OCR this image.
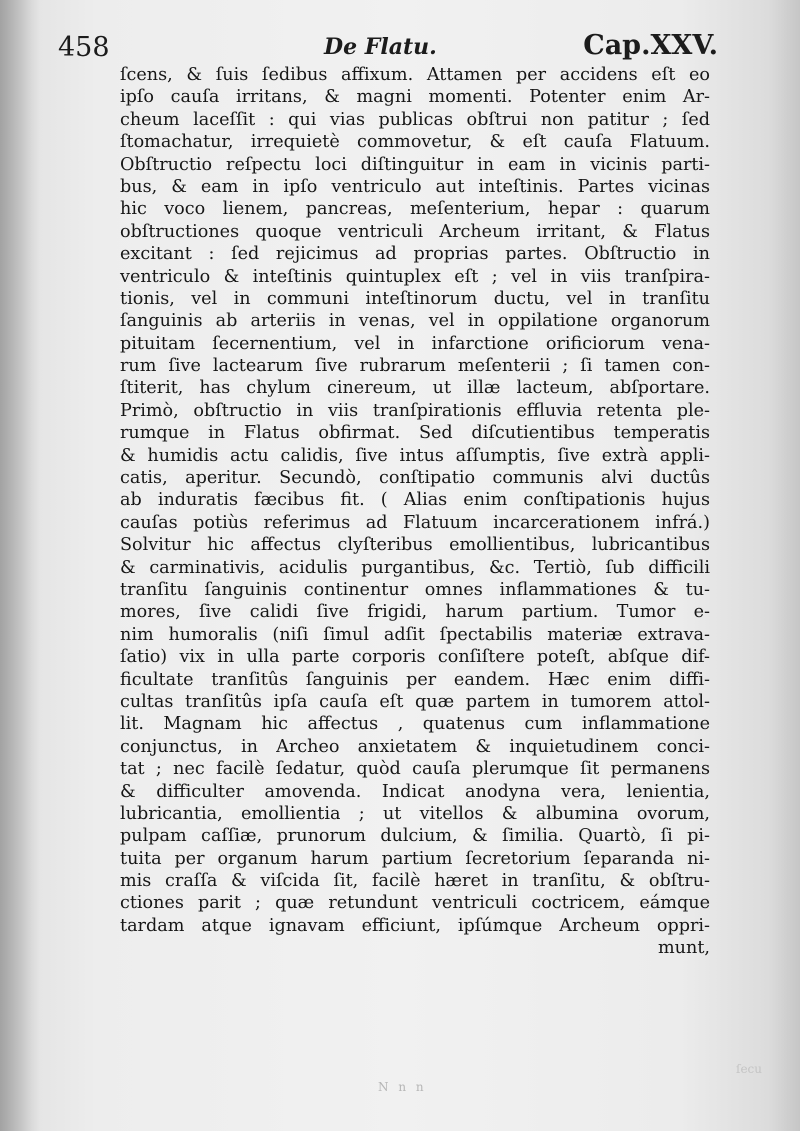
458	De Flatu.	Cap.XXV.
ſcens, & ſuis ſedibus affixum. Attamen per accidens eſt eo
ipſo cauſa irritans, & magni momenti. Potenter enim Ar-
cheum laceſſit : qui vias publicas obſtrui non patitur ; ſed
ſtomachatur, irrequietè commovetur, & eſt cauſa Flatuum.
Obſtructio reſpectu loci diſtinguitur in eam in vicinis parti-
bus, & eam in ipſo ventriculo aut inteſtinis. Partes vicinas
hic voco lienem, pancreas, meſenterium, hepar : quarum
obſtructiones quoque ventriculi Archeum irritant, & Flatus
excitant : ſed rejicimus ad proprias partes. Obſtructio in
ventriculo & inteſtinis quintuplex eſt ; vel in viis tranſpira-
tionis, vel in communi inteſtinorum ductu, vel in tranſitu
ſanguinis ab arteriis in venas, vel in oppilatione organorum
pituitam ſecernentium, vel in infarctione orificiorum vena-
rum ſive lactearum ſive rubrarum meſenterii ; ſi tamen con-
ſtiterit, has chylum cinereum, ut illæ lacteum, abſportare.
Primò, obſtructio in viis tranſpirationis effluvia retenta ple-
rumque in Flatus obfirmat. Sed diſcutientibus temperatis
& humidis actu calidis, ſive intus aſſumptis, ſive extrà appli-
catis, aperitur. Secundò, conſtipatio communis alvi ductûs
ab induratis fæcibus fit. ( Alias enim conſtipationis hujus
cauſas potiùs referimus ad Flatuum incarcerationem infrá.)
Solvitur hic affectus clyſteribus emollientibus, lubricantibus
& carminativis, acidulis purgantibus, &c. Tertiò, ſub difficili
tranſitu ſanguinis continentur omnes inflammationes & tu-
mores, ſive calidi ſive frigidi, harum partium. Tumor e-
nim humoralis (niſi ſimul adſit ſpectabilis materiæ extrava-
ſatio) vix in ulla parte corporis conſiſtere poteſt, abſque dif-
ficultate tranſitûs ſanguinis per eandem. Hæc enim diffi-
cultas tranſitûs ipſa cauſa eſt quæ partem in tumorem attol-
lit. Magnam hic affectus , quatenus cum inflammatione
conjunctus, in Archeo anxietatem & inquietudinem conci-
tat ; nec facilè ſedatur, quòd cauſa plerumque ſit permanens
& difficulter amovenda. Indicat anodyna vera, lenientia,
lubricantia, emollientia ; ut vitellos & albumina ovorum,
pulpam caſſiæ, prunorum dulcium, & ſimilia. Quartò, ſi pi-
tuita per organum harum partium ſecretorium ſeparanda ni-
mis craſſa & viſcida ſit, facilè hæret in tranſitu, & obſtru-
ctiones parit ; quæ retundunt ventriculi coctricem, eámque
tardam atque ignavam efficiunt, ipſúmque Archeum oppri-
munt,
N n n
ſecu
